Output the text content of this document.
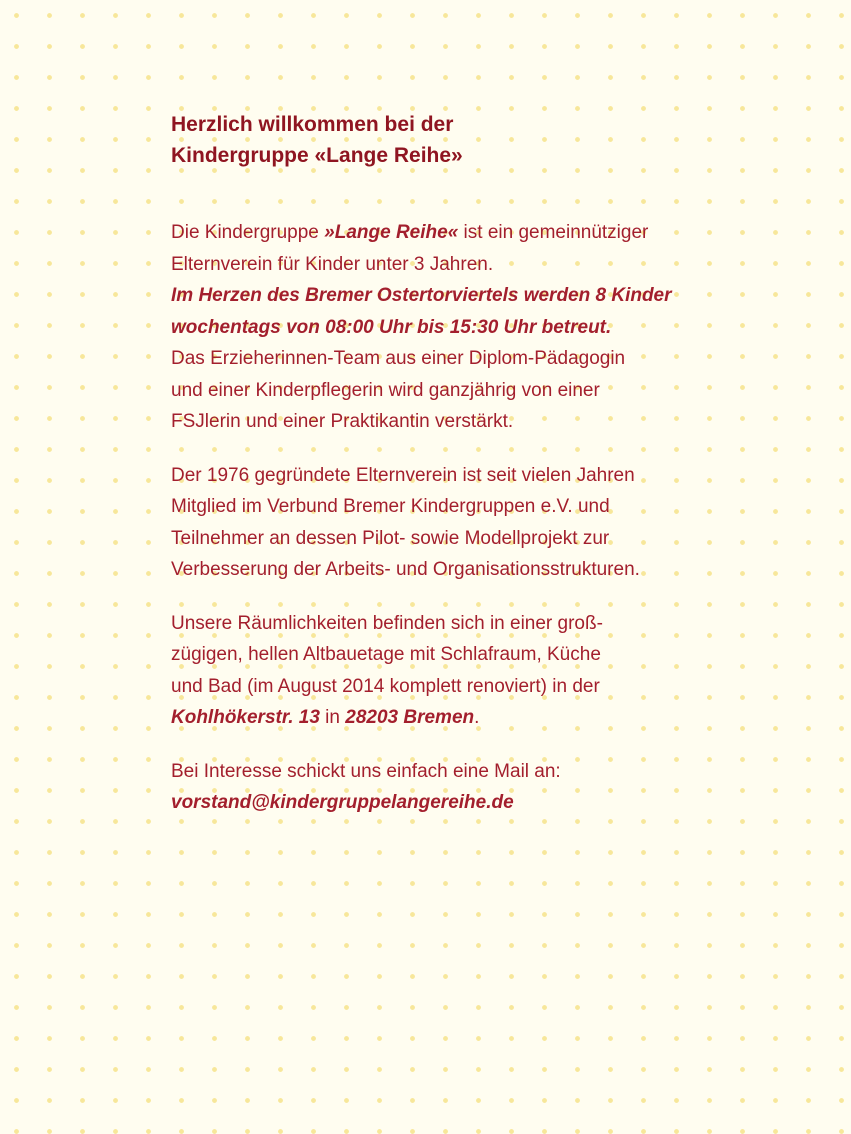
Herzlich willkommen bei der
Kindergruppe «Lange Reihe»

Die Kindergruppe »Lange Reihe« ist ein gemeinnütziger
Elternverein für Kinder unter 3 Jahren.
Im Herzen des Bremer Ostertorviertels werden 8 Kinder
wochentags von 08:00 Uhr bis 15:30 Uhr betreut.
Das Erzieherinnen-Team aus einer Diplom-Pädagogin
und einer Kinderpflegerin wird ganzjährig von einer
FSJlerin und einer Praktikantin verstärkt.

Der 1976 gegründete Elternverein ist seit vielen Jahren
Mitglied im Verbund Bremer Kindergruppen e.V. und
Teilnehmer an dessen Pilot- sowie Modellprojekt zur
Verbesserung der Arbeits- und Organisationsstrukturen.

Unsere Räumlichkeiten befinden sich in einer groß-
zügigen, hellen Altbauetage mit Schlafraum, Küche
und Bad (im August 2014 komplett renoviert) in der
Kohlhökerstr. 13 in 28203 Bremen.

Bei Interesse schickt uns einfach eine Mail an:
vorstand@kindergruppelangereihe.de
